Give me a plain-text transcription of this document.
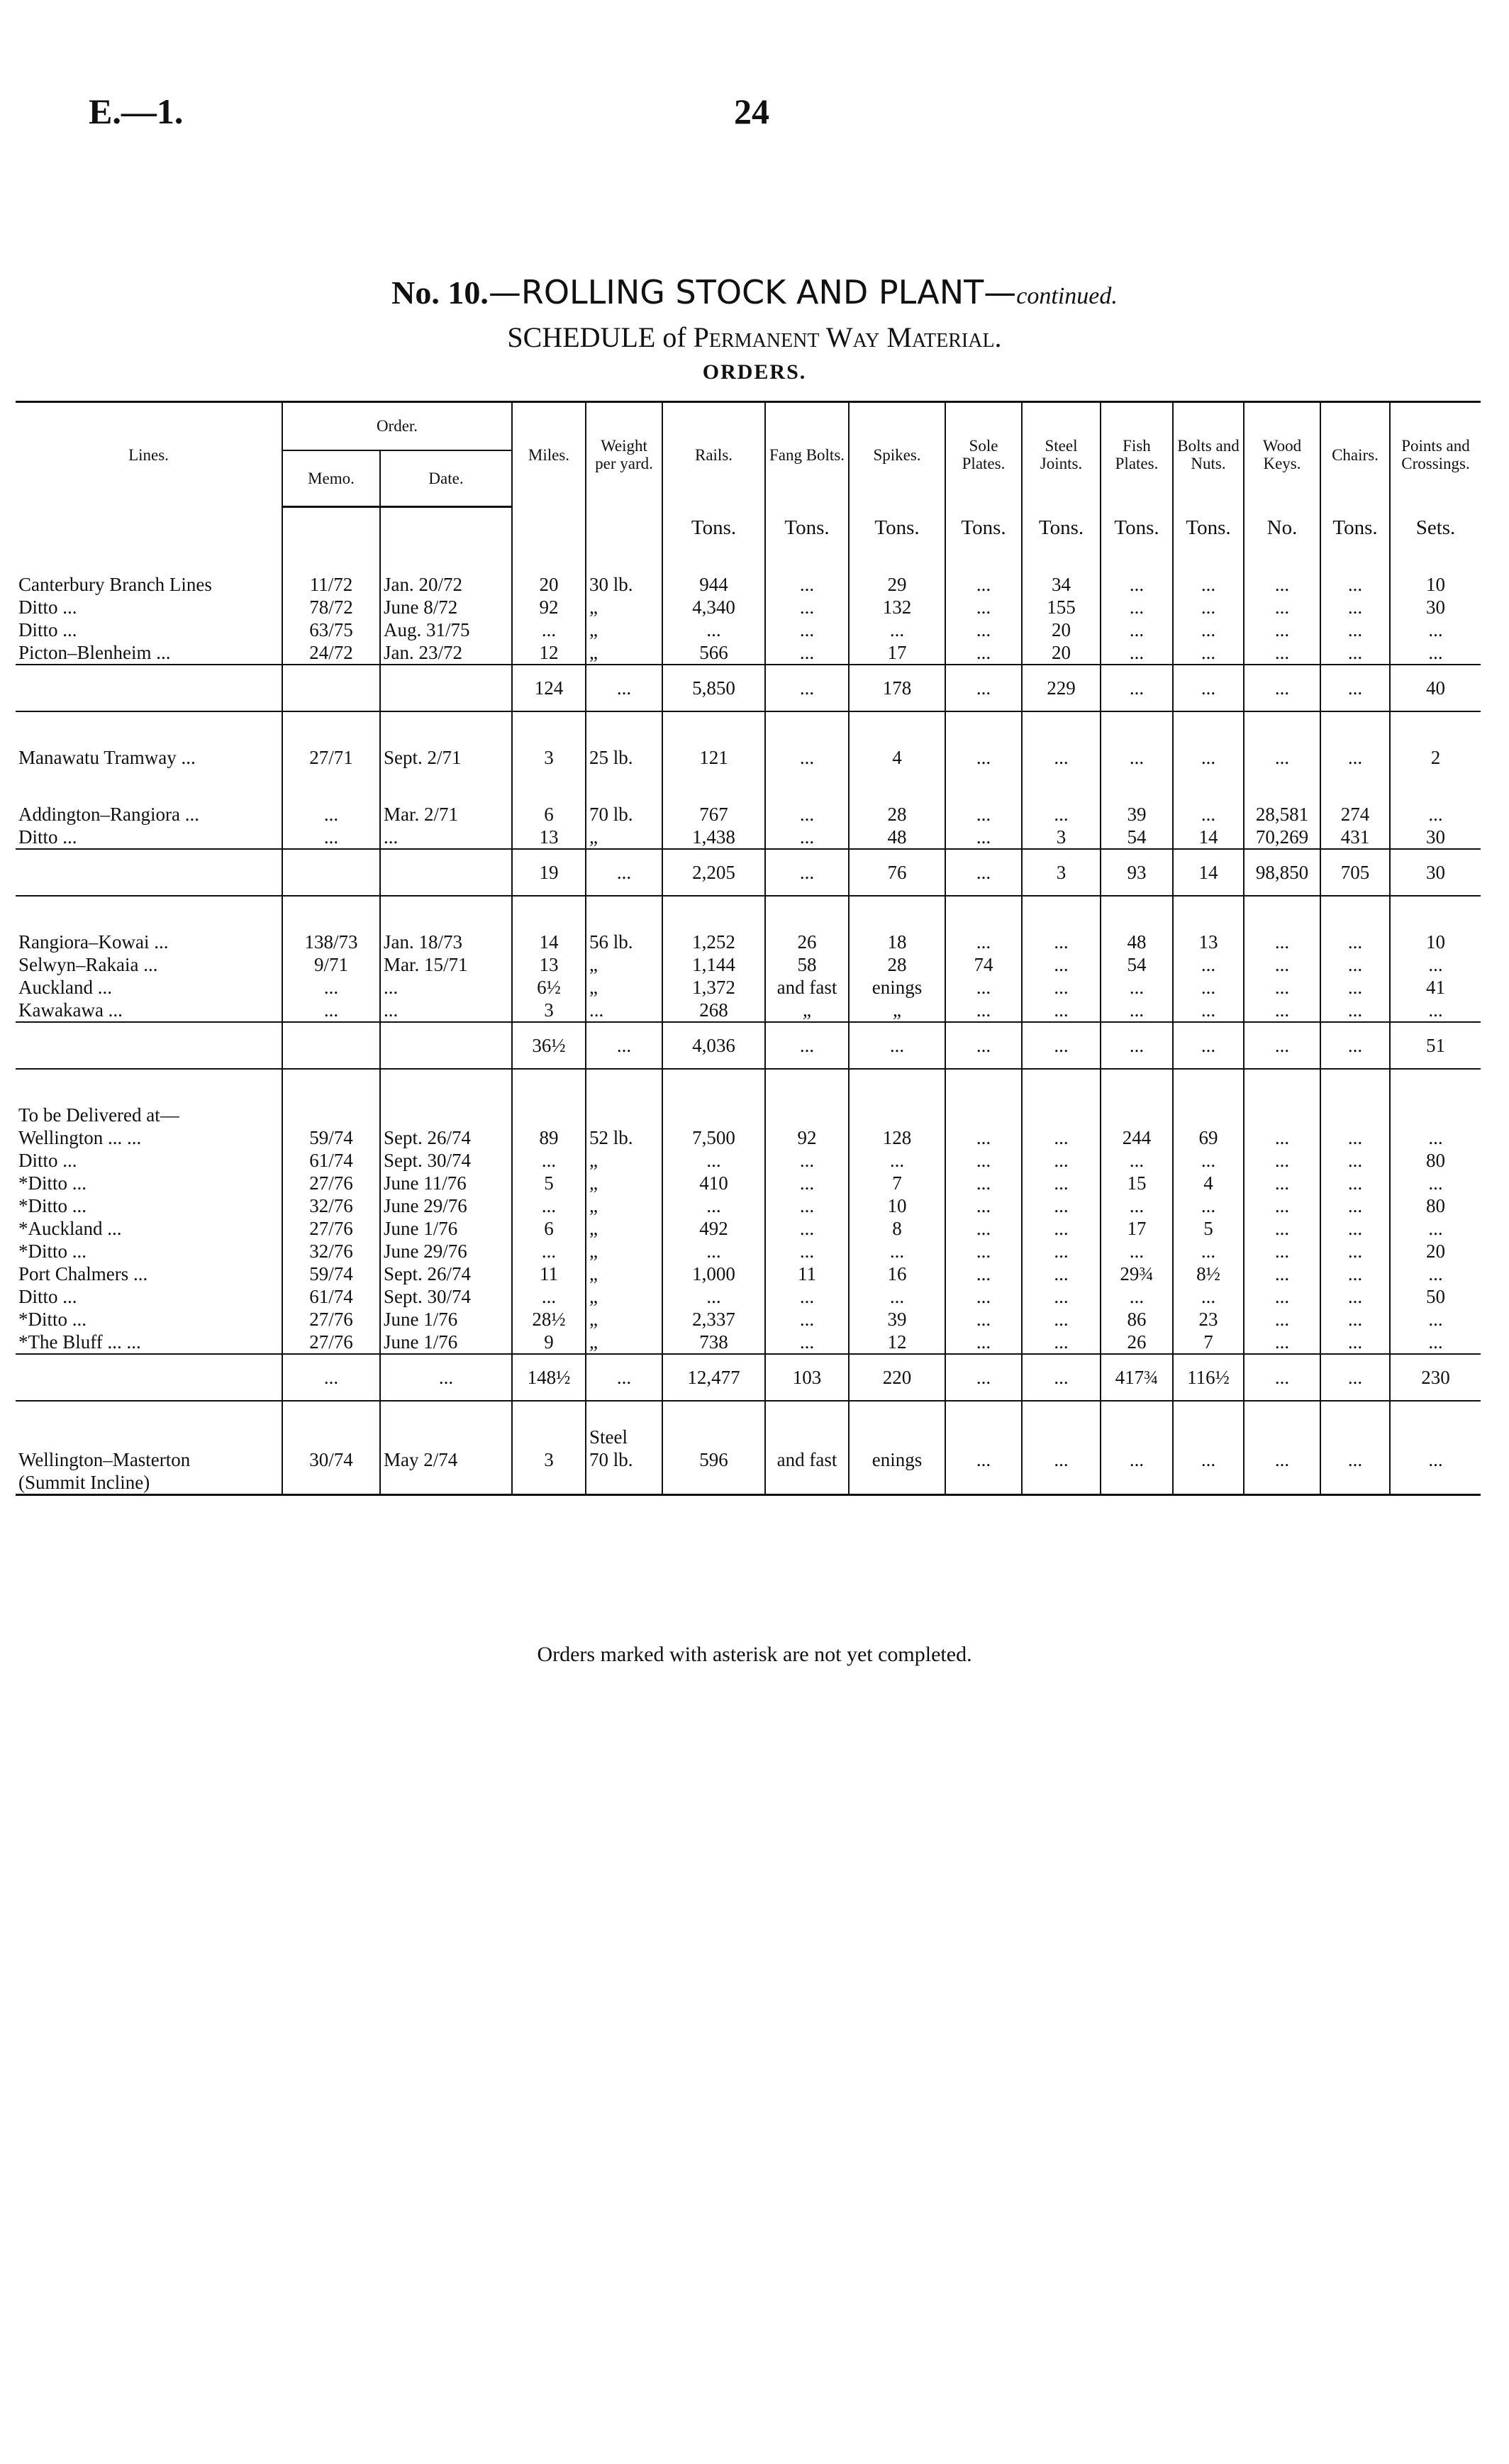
E.—1.	24
No. 10.—ROLLING STOCK AND PLANT—continued.
SCHEDULE of Permanent Way Material.
ORDERS.
Lines.	Order.		Miles.	Weight per yard.	Rails.	Fang Bolts.	Spikes.	Sole Plates.	Steel Joints.	Fish Plates.	Bolts and Nuts.	Wood Keys.	Chairs.	Points and Crossings.
	Memo.	Date.												
					Tons.	Tons.	Tons.	Tons.	Tons.	Tons.	Tons.	No.	Tons.	Sets.

Canterbury Branch Lines	11/72	Jan. 20/72	20	30 lb.	944	...	29	...	34	...	...	...	...	10
Ditto ...	78/72	June 8/72	92	„	4,340	...	132	...	155	...	...	...	...	30
Ditto ...	63/75	Aug. 31/75	...	„	...	...	...	...	20	...	...	...	...	...
Picton–Blenheim ...	24/72	Jan. 23/72	12	„	566	...	17	...	20	...	...	...	...	...
			124	...	5,850	...	178	...	229	...	...	...	...	40

Manawatu Tramway ...	27/71	Sept. 2/71	3	25 lb.	121	...	4	...	...	...	...	...	...	2

Addington–Rangiora ...	...	Mar. 2/71	6	70 lb.	767	...	28	...	...	39	...	28,581	274	...
Ditto ...	...	...	13	„	1,438	...	48	...	3	54	14	70,269	431	30
			19	...	2,205	...	76	...	3	93	14	98,850	705	30

Rangiora–Kowai ...	138/73	Jan. 18/73	14	56 lb.	1,252	26	18	...	...	48	13	...	...	10
Selwyn–Rakaia ...	9/71	Mar. 15/71	13	„	1,144	58	28	74	...	54	...	...	...	...
Auckland ...	...	...	6½	„	1,372	and fast	enings	...	...	...	...	...	...	41
Kawakawa ...	...	...	3	...	268	„	„	...	...	...	...	...	...	...
			36½	...	4,036	...	...	...	...	...	...	...	...	51

To be Delivered at—														
Wellington ... ...	59/74	Sept. 26/74	89	52 lb.	7,500	92	128	...	...	244	69	...	...	...
Ditto ...	61/74	Sept. 30/74	...	„	...	...	...	...	...	...	...	...	...	80
*Ditto ...	27/76	June 11/76	5	„	410	...	7	...	...	15	4	...	...	...
*Ditto ...	32/76	June 29/76	...	„	...	...	10	...	...	...	...	...	...	80
*Auckland ...	27/76	June 1/76	6	„	492	...	8	...	...	17	5	...	...	...
*Ditto ...	32/76	June 29/76	...	„	...	...	...	...	...	...	...	...	...	20
Port Chalmers ...	59/74	Sept. 26/74	11	„	1,000	11	16	...	...	29¾	8½	...	...	...
Ditto ...	61/74	Sept. 30/74	...	„	...	...	...	...	...	...	...	...	...	50
*Ditto ...	27/76	June 1/76	28½	„	2,337	...	39	...	...	86	23	...	...	...
*The Bluff ... ...	27/76	June 1/76	9	„	738	...	12	...	...	26	7	...	...	...
	...	...	148½	...	12,477	103	220	...	...	417¾	116½	...	...	230

				Steel										
Wellington–Masterton	30/74	May 2/74	3	70 lb.	596	and fast	enings	...	...	...	...	...	...	...
(Summit Incline)														

Orders marked with asterisk are not yet completed.
